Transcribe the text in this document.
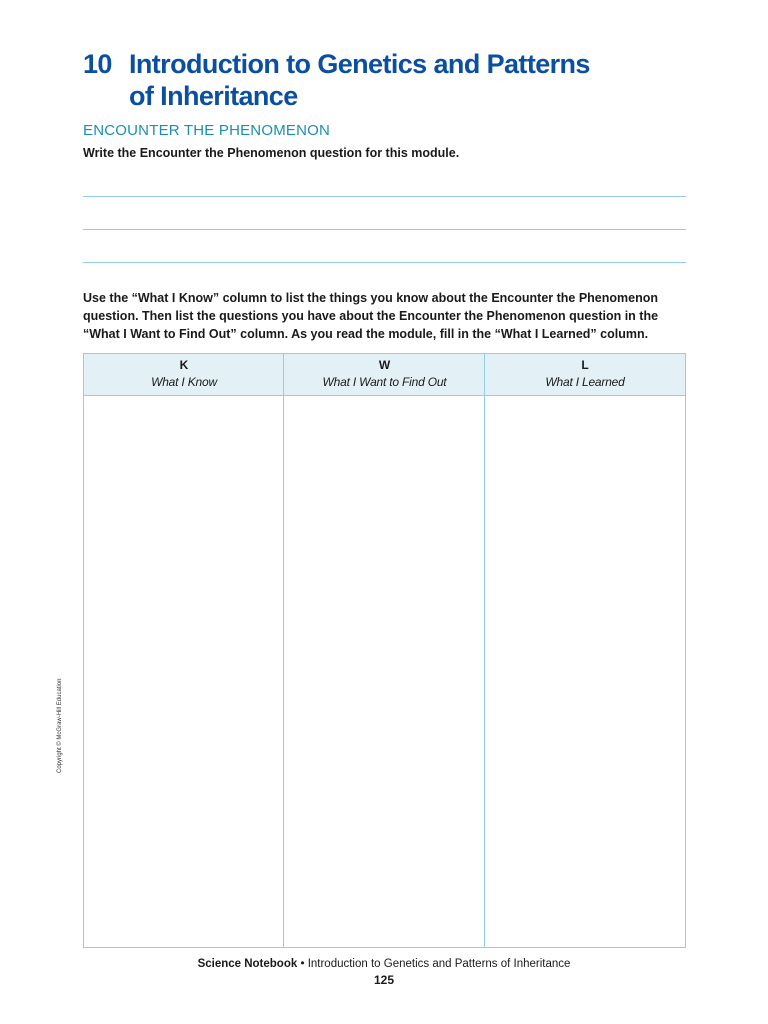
10 Introduction to Genetics and Patterns
of Inheritance
ENCOUNTER THE PHENOMENON
Write the Encounter the Phenomenon question for this module.
Use the “What I Know” column to list the things you know about the Encounter the Phenomenon question. Then list the questions you have about the Encounter the Phenomenon question in the “What I Want to Find Out” column. As you read the module, fill in the “What I Learned” column.
K
What I Know
W
What I Want to Find Out
L
What I Learned
Copyright © McGraw-Hill Education
Science Notebook • Introduction to Genetics and Patterns of Inheritance
125
